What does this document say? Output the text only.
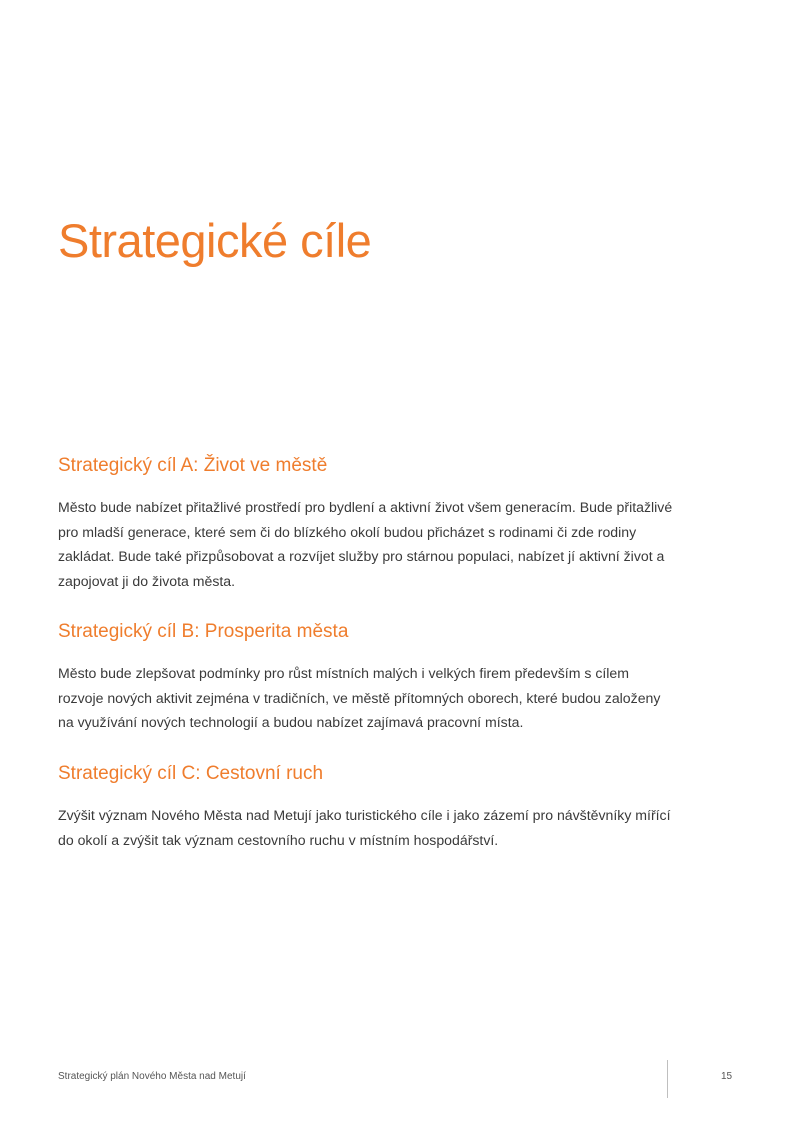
Strategické cíle
Strategický cíl A: Život ve městě

Město bude nabízet přitažlivé prostředí pro bydlení a aktivní život všem generacím. Bude přitažlivé pro mladší generace, které sem či do blízkého okolí budou přicházet s rodinami či zde rodiny zakládat. Bude také přizpůsobovat a rozvíjet služby pro stárnou populaci, nabízet jí aktivní život a zapojovat ji do života města.

Strategický cíl B: Prosperita města

Město bude zlepšovat podmínky pro růst místních malých i velkých firem především s cílem rozvoje nových aktivit zejména v tradičních, ve městě přítomných oborech, které budou založeny na využívání nových technologií a budou nabízet zajímavá pracovní místa.

Strategický cíl C: Cestovní ruch

Zvýšit význam Nového Města nad Metují jako turistického cíle i jako zázemí pro návštěvníky mířící do okolí a zvýšit tak význam cestovního ruchu v místním hospodářství.

Strategický plán Nového Města nad Metují	15
